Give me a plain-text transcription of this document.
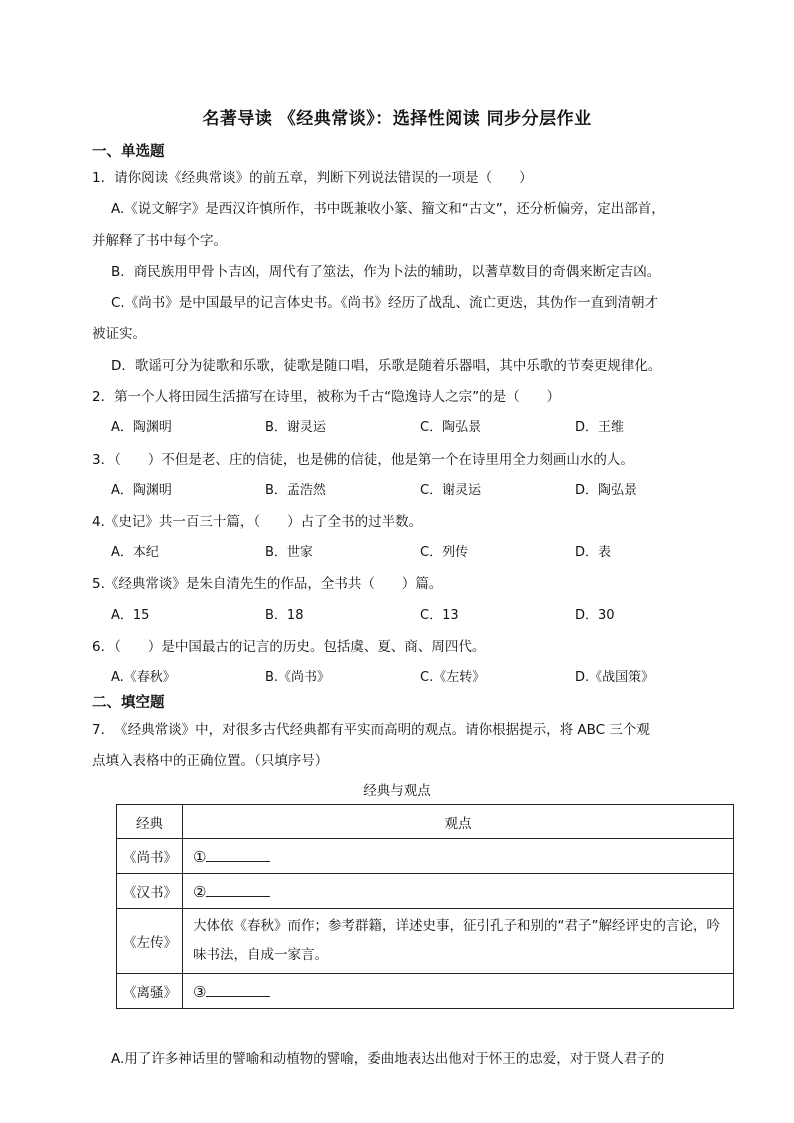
名著导读 《经典常谈》：选择性阅读 同步分层作业
一、单选题
1．请你阅读《经典常谈》的前五章，判断下列说法错误的一项是（　　）
A.《说文解字》是西汉许慎所作，书中既兼收小篆、籀文和“古文”，还分析偏旁，定出部首，
并解释了书中每个字。
B．商民族用甲骨卜吉凶，周代有了筮法，作为卜法的辅助，以蓍草数目的奇偶来断定吉凶。
C.《尚书》是中国最早的记言体史书。《尚书》经历了战乱、流亡更迭，其伪作一直到清朝才
被证实。
D．歌谣可分为徒歌和乐歌，徒歌是随口唱，乐歌是随着乐器唱，其中乐歌的节奏更规律化。
2．第一个人将田园生活描写在诗里，被称为千古“隐逸诗人之宗”的是（　　）
A．陶渊明	B．谢灵运	C．陶弘景	D．王维
3．（　　）不但是老、庄的信徒，也是佛的信徒，他是第一个在诗里用全力刻画山水的人。
A．陶渊明	B．孟浩然	C．谢灵运	D．陶弘景
4.《史记》共一百三十篇，（　　）占了全书的过半数。
A．本纪	B．世家	C．列传	D．表
5.《经典常谈》是朱自清先生的作品，全书共（　　）篇。
A．15	B．18	C．13	D．30
6．（　　）是中国最古的记言的历史。包括虞、夏、商、周四代。
A.《春秋》	B.《尚书》	C.《左转》	D.《战国策》
二、填空题
7．　《经典常谈》中，对很多古代经典都有平实而高明的观点。请你根据提示，将 ABC 三个观
点填入表格中的正确位置。（只填序号）
经典与观点
经典	观点
《尚书》	①
《汉书》	②
《左传》	大体依《春秋》而作；参考群籍，详述史事，征引孔子和别的“君子”解经评史的言论，吟味书法，自成一家言。
《离骚》	③
A.用了许多神话里的譬喻和动植物的譬喻，委曲地表达出他对于怀王的忠爱，对于贤人君子的
